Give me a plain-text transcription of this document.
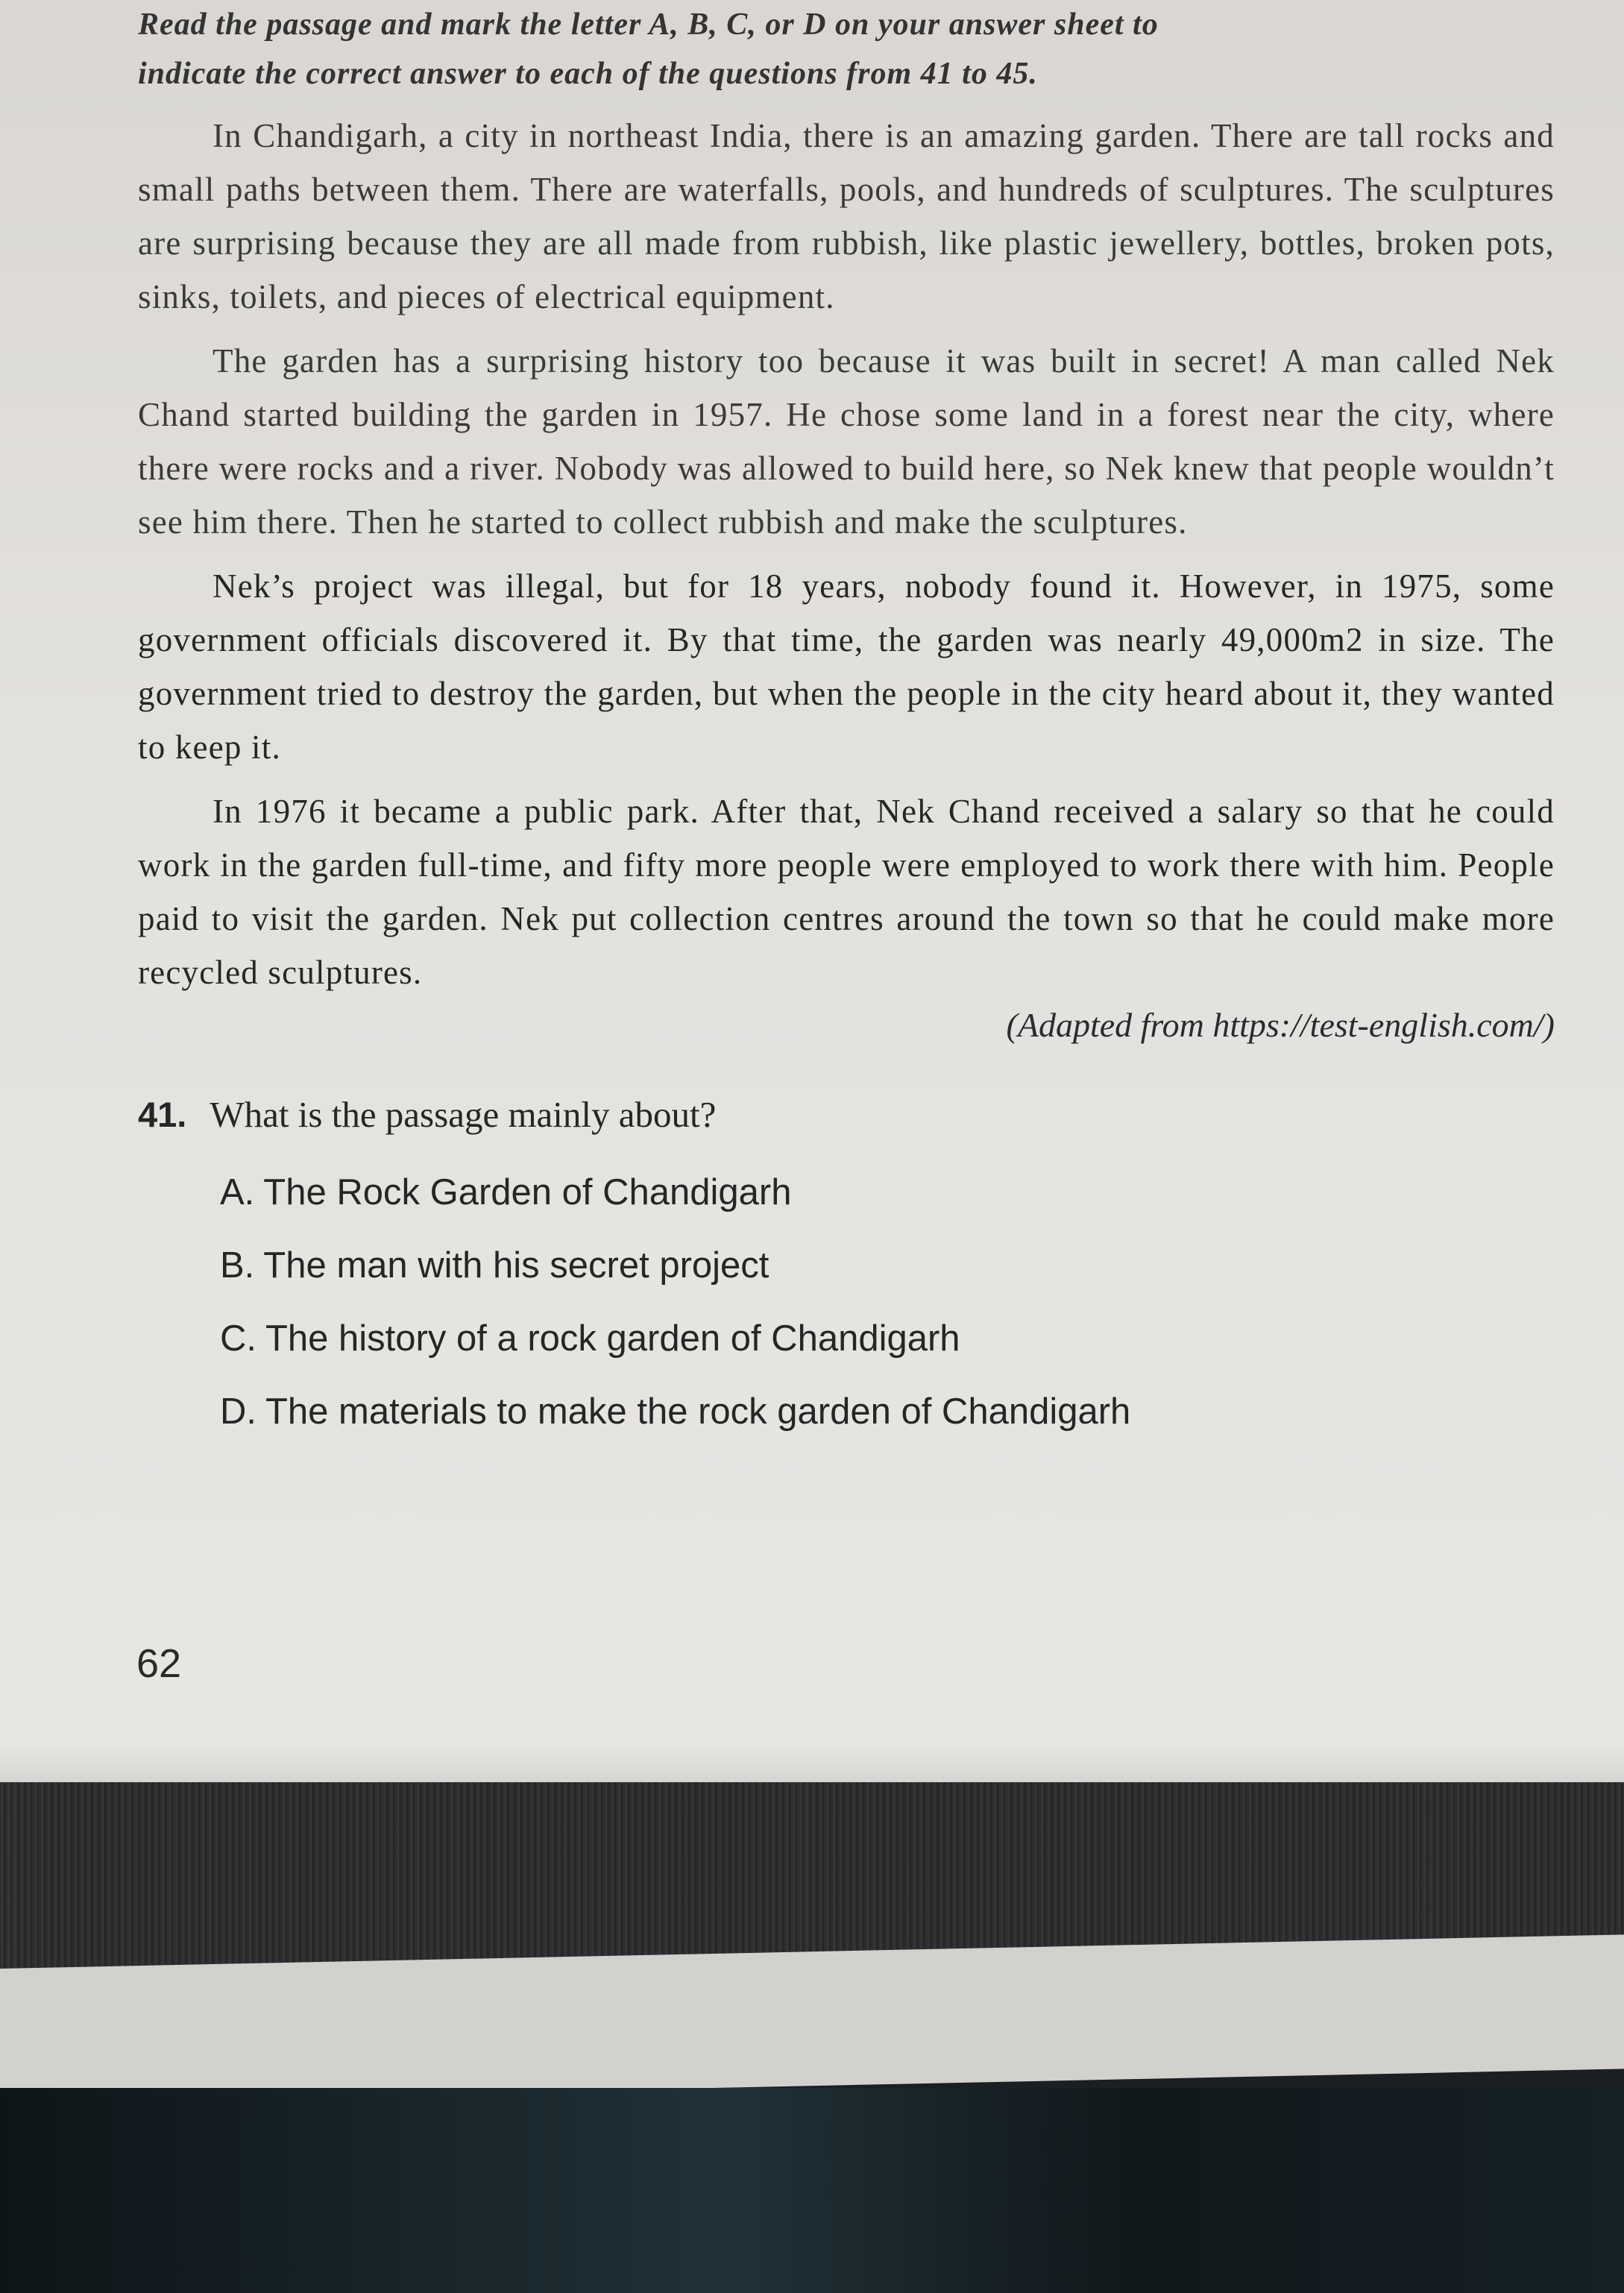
Read the passage and mark the letter A, B, C, or D on your answer sheet to
indicate the correct answer to each of the questions from 41 to 45.

In Chandigarh, a city in northeast India, there is an amazing garden. There are tall rocks and small paths between them. There are waterfalls, pools, and hundreds of sculptures. The sculptures are surprising because they are all made from rubbish, like plastic jewellery, bottles, broken pots, sinks, toilets, and pieces of electrical equipment.

The garden has a surprising history too because it was built in secret! A man called Nek Chand started building the garden in 1957. He chose some land in a forest near the city, where there were rocks and a river. Nobody was allowed to build here, so Nek knew that people wouldn’t see him there. Then he started to collect rubbish and make the sculptures.

Nek’s project was illegal, but for 18 years, nobody found it. However, in 1975, some government officials discovered it. By that time, the garden was nearly 49,000m2 in size. The government tried to destroy the garden, but when the people in the city heard about it, they wanted to keep it.

In 1976 it became a public park. After that, Nek Chand received a salary so that he could work in the garden full-time, and fifty more people were employed to work there with him. People paid to visit the garden. Nek put collection centres around the town so that he could make more recycled sculptures.

(Adapted from https://test-english.com/)

41. What is the passage mainly about?
A. The Rock Garden of Chandigarh
B. The man with his secret project
C. The history of a rock garden of Chandigarh
D. The materials to make the rock garden of Chandigarh
62
